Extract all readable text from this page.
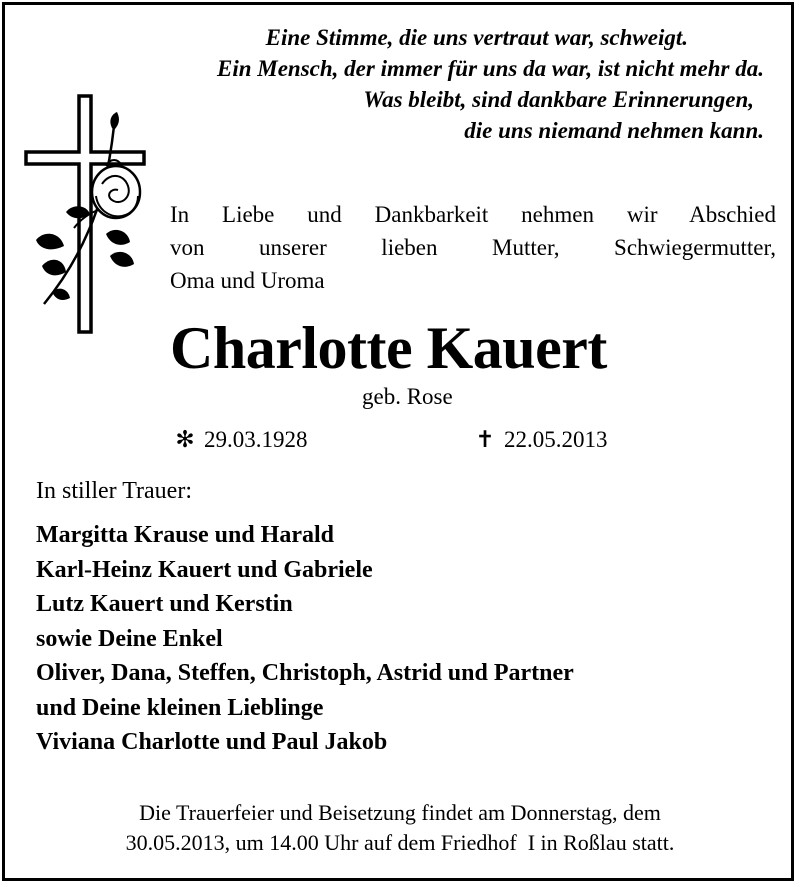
Eine Stimme, die uns vertraut war, schweigt.
Ein Mensch, der immer für uns da war, ist nicht mehr da.
Was bleibt, sind dankbare Erinnerungen,
die uns niemand nehmen kann.
In Liebe und Dankbarkeit nehmen wir Abschied
von unserer lieben Mutter, Schwiegermutter,
Oma und Uroma
Charlotte Kauert
geb. Rose
✻ 29.03.1928	✝ 22.05.2013
In stiller Trauer:
Margitta Krause und Harald
Karl-Heinz Kauert und Gabriele
Lutz Kauert und Kerstin
sowie Deine Enkel
Oliver, Dana, Steffen, Christoph, Astrid und Partner
und Deine kleinen Lieblinge
Viviana Charlotte und Paul Jakob
Die Trauerfeier und Beisetzung findet am Donnerstag, dem
30.05.2013, um 14.00 Uhr auf dem Friedhof  I in Roßlau statt.
